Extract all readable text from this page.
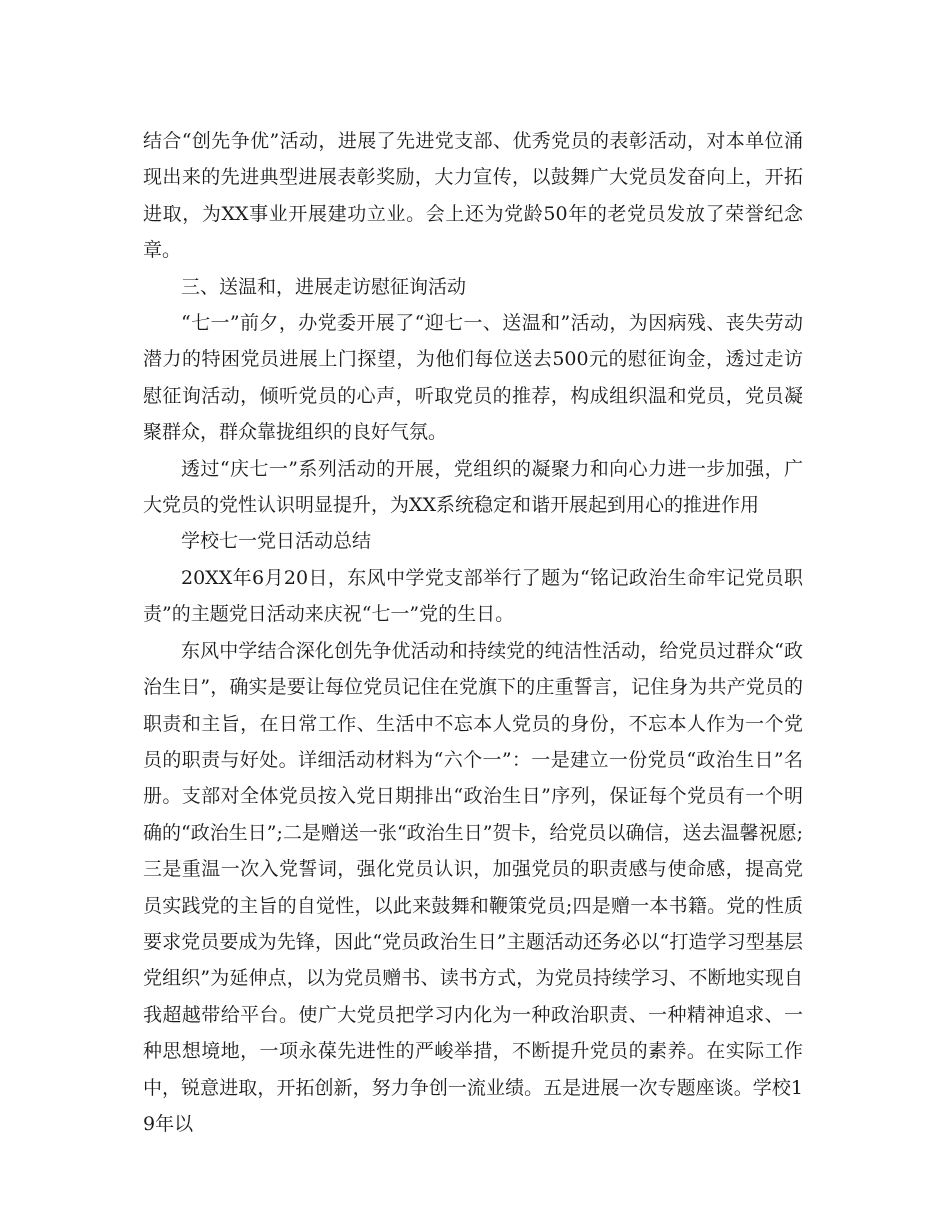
结合“创先争优”活动，进展了先进党支部、优秀党员的表彰活动，对本单位涌现出来的先进典型进展表彰奖励，大力宣传，以鼓舞广大党员发奋向上，开拓进取，为XX事业开展建功立业。会上还为党龄50年的老党员发放了荣誉纪念章。

三、送温和，进展走访慰征询活动

“七一”前夕，办党委开展了“迎七一、送温和”活动，为因病残、丧失劳动潜力的特困党员进展上门探望，为他们每位送去500元的慰征询金，透过走访慰征询活动，倾听党员的心声，听取党员的推荐，构成组织温和党员，党员凝聚群众，群众靠拢组织的良好气氛。

透过“庆七一”系列活动的开展，党组织的凝聚力和向心力进一步加强，广大党员的党性认识明显提升，为XX系统稳定和谐开展起到用心的推进作用

学校七一党日活动总结

20XX年6月20日，东风中学党支部举行了题为“铭记政治生命牢记党员职责”的主题党日活动来庆祝“七一”党的生日。

东风中学结合深化创先争优活动和持续党的纯洁性活动，给党员过群众“政治生日”，确实是要让每位党员记住在党旗下的庄重誓言，记住身为共产党员的职责和主旨，在日常工作、生活中不忘本人党员的身份，不忘本人作为一个党员的职责与好处。详细活动材料为“六个一”：一是建立一份党员“政治生日”名册。支部对全体党员按入党日期排出“政治生日”序列，保证每个党员有一个明确的“政治生日”;二是赠送一张“政治生日”贺卡，给党员以确信，送去温馨祝愿;三是重温一次入党誓词，强化党员认识，加强党员的职责感与使命感，提高党员实践党的主旨的自觉性，以此来鼓舞和鞭策党员;四是赠一本书籍。党的性质要求党员要成为先锋，因此“党员政治生日”主题活动还务必以“打造学习型基层党组织”为延伸点，以为党员赠书、读书方式，为党员持续学习、不断地实现自我超越带给平台。使广大党员把学习内化为一种政治职责、一种精神追求、一种思想境地，一项永葆先进性的严峻举措，不断提升党员的素养。在实际工作中，锐意进取，开拓创新，努力争创一流业绩。五是进展一次专题座谈。学校19年以
